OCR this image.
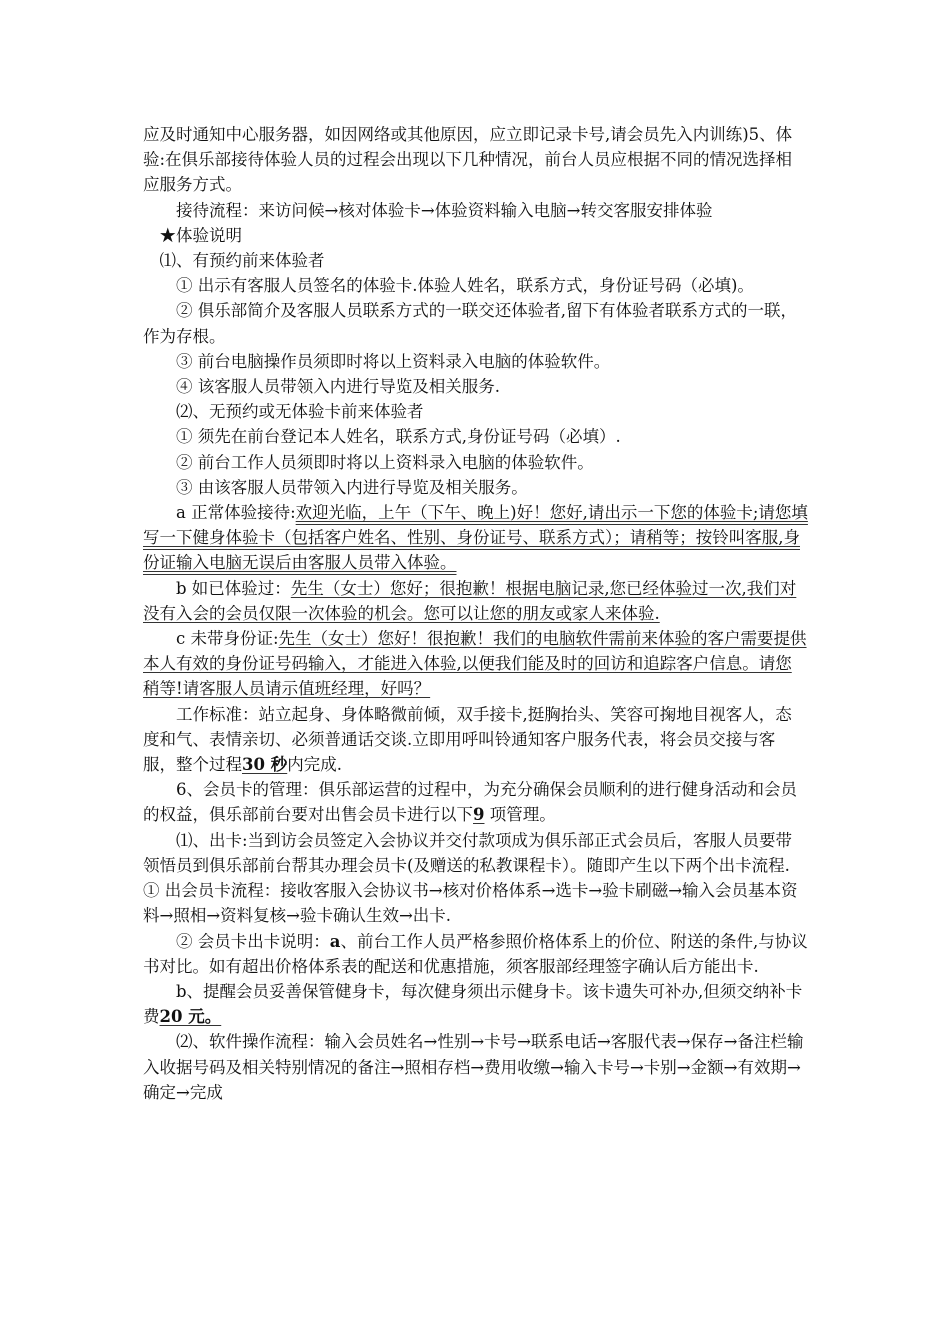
应及时通知中心服务器，如因网络或其他原因，应立即记录卡号,请会员先入内训练)5、体验:在俱乐部接待体验人员的过程会出现以下几种情况，前台人员应根据不同的情况选择相应服务方式。

接待流程：来访问候→核对体验卡→体验资料输入电脑→转交客服安排体验

★体验说明

⑴、有预约前来体验者

① 出示有客服人员签名的体验卡.体验人姓名，联系方式，身份证号码（必填)。

② 俱乐部简介及客服人员联系方式的一联交还体验者,留下有体验者联系方式的一联，作为存根。

③ 前台电脑操作员须即时将以上资料录入电脑的体验软件。

④ 该客服人员带领入内进行导览及相关服务.

⑵、无预约或无体验卡前来体验者

① 须先在前台登记本人姓名，联系方式,身份证号码（必填）.

② 前台工作人员须即时将以上资料录入电脑的体验软件。

③ 由该客服人员带领入内进行导览及相关服务。

a 正常体验接待:欢迎光临，上午（下午、晚上)好！您好,请出示一下您的体验卡;请您填写一下健身体验卡（包括客户姓名、性别、身份证号、联系方式）；请稍等；按铃叫客服,身份证输入电脑无误后由客服人员带入体验。

b 如已体验过：先生（女士）您好；很抱歉！根据电脑记录,您已经体验过一次,我们对没有入会的会员仅限一次体验的机会。您可以让您的朋友或家人来体验.

c 未带身份证:先生（女士）您好！很抱歉！我们的电脑软件需前来体验的客户需要提供本人有效的身份证号码输入，才能进入体验,以便我们能及时的回访和追踪客户信息。请您稍等!请客服人员请示值班经理，好吗？

工作标准：站立起身、身体略微前倾，双手接卡,挺胸抬头、笑容可掬地目视客人，态度和气、表情亲切、必须普通话交谈.立即用呼叫铃通知客户服务代表，将会员交接与客服，整个过程30 秒内完成.

6、会员卡的管理：俱乐部运营的过程中，为充分确保会员顺利的进行健身活动和会员的权益，俱乐部前台要对出售会员卡进行以下9 项管理。

⑴、出卡:当到访会员签定入会协议并交付款项成为俱乐部正式会员后，客服人员要带领悟员到俱乐部前台帮其办理会员卡(及赠送的私教课程卡）。随即产生以下两个出卡流程.

① 出会员卡流程：接收客服入会协议书→核对价格体系→选卡→验卡刷磁→输入会员基本资料→照相→资料复核→验卡确认生效→出卡.

② 会员卡出卡说明：a、前台工作人员严格参照价格体系上的价位、附送的条件,与协议书对比。如有超出价格体系表的配送和优惠措施，须客服部经理签字确认后方能出卡.

b、提醒会员妥善保管健身卡，每次健身须出示健身卡。该卡遗失可补办,但须交纳补卡费20 元。

⑵、软件操作流程：输入会员姓名→性别→卡号→联系电话→客服代表→保存→备注栏输入收据号码及相关特别情况的备注→照相存档→费用收缴→输入卡号→卡别→金额→有效期→确定→完成
